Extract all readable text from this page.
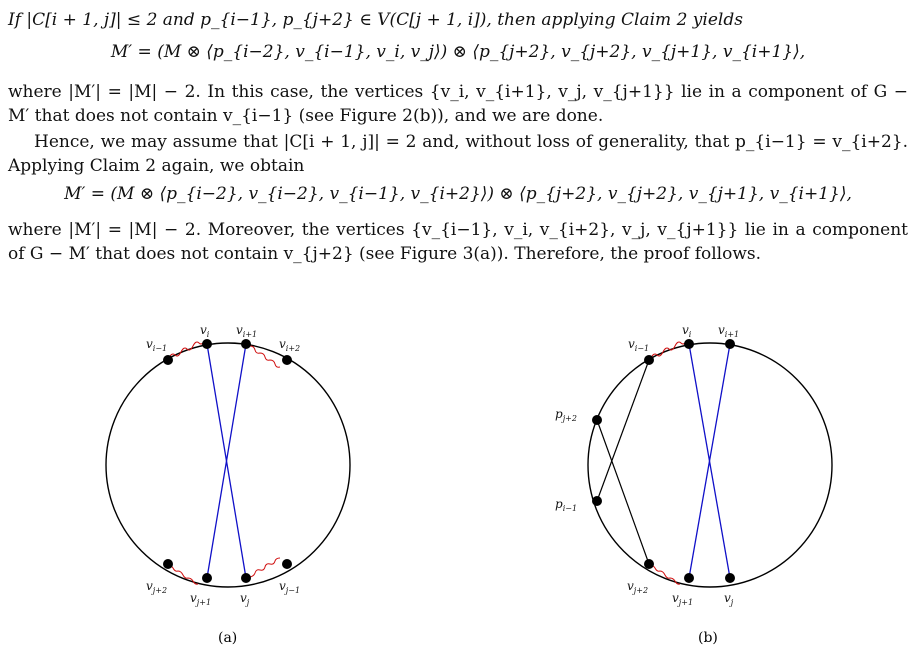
If |C[i + 1, j]| ≤ 2 and p_{i−1}, p_{j+2} ∈ V(C[j + 1, i]), then applying Claim 2 yields

M′ = (M ⊗ ⟨p_{i−2}, v_{i−1}, v_i, v_j⟩) ⊗ ⟨p_{j+2}, v_{j+2}, v_{j+1}, v_{i+1}⟩,

where |M′| = |M| − 2. In this case, the vertices {v_i, v_{i+1}, v_j, v_{j+1}} lie in a component of G − M′ that does not contain v_{i−1} (see Figure 2(b)), and we are done.

Hence, we may assume that |C[i + 1, j]| = 2 and, without loss of generality, that p_{i−1} = v_{i+2}. Applying Claim 2 again, we obtain

M′ = (M ⊗ ⟨p_{i−2}, v_{i−2}, v_{i−1}, v_{i+2}⟩) ⊗ ⟨p_{j+2}, v_{j+2}, v_{j+1}, v_{i+1}⟩,

where |M′| = |M| − 2. Moreover, the vertices {v_{i−1}, v_i, v_{i+2}, v_j, v_{j+1}} lie in a component of G − M′ that does not contain v_{j+2} (see Figure 3(a)). Therefore, the proof follows.

$v_{i-1}$
$v_i$ $v_{i+1}$
$v_{i+2}$
$v_{j+2}$
$v_{j+1}$ $v_j$
$v_{j-1}$
(a)
$v_{i-1}$
$v_i$ $v_{i+1}$
$p_{j+2}$
$p_{i-1}$
$v_{j+2}$
$v_{j+1}$	$v_j$
(b)
